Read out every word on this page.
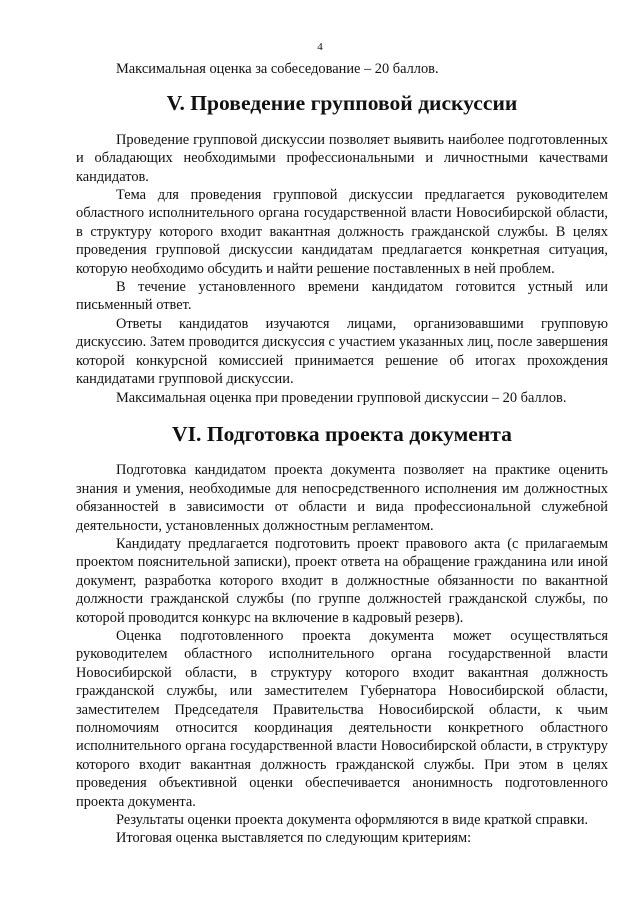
4

Максимальная оценка за собеседование – 20 баллов.

V. Проведение групповой дискуссии

Проведение групповой дискуссии позволяет выявить наиболее подготовленных и обладающих необходимыми профессиональными и личностными качествами кандидатов.

Тема для проведения групповой дискуссии предлагается руководителем областного исполнительного органа государственной власти Новосибирской области, в структуру которого входит вакантная должность гражданской службы. В целях проведения групповой дискуссии кандидатам предлагается конкретная ситуация, которую необходимо обсудить и найти решение поставленных в ней проблем.

В течение установленного времени кандидатом готовится устный или письменный ответ.

Ответы кандидатов изучаются лицами, организовавшими групповую дискуссию. Затем проводится дискуссия с участием указанных лиц, после завершения которой конкурсной комиссией принимается решение об итогах прохождения кандидатами групповой дискуссии.

Максимальная оценка при проведении групповой дискуссии – 20 баллов.

VI. Подготовка проекта документа

Подготовка кандидатом проекта документа позволяет на практике оценить знания и умения, необходимые для непосредственного исполнения им должностных обязанностей в зависимости от области и вида профессиональной служебной деятельности, установленных должностным регламентом.

Кандидату предлагается подготовить проект правового акта (с прилагаемым проектом пояснительной записки), проект ответа на обращение гражданина или иной документ, разработка которого входит в должностные обязанности по вакантной должности гражданской службы (по группе должностей гражданской службы, по которой проводится конкурс на включение в кадровый резерв).

Оценка подготовленного проекта документа может осуществляться руководителем областного исполнительного органа государственной власти Новосибирской области, в структуру которого входит вакантная должность гражданской службы, или заместителем Губернатора Новосибирской области, заместителем Председателя Правительства Новосибирской области, к чьим полномочиям относится координация деятельности конкретного областного исполнительного органа государственной власти Новосибирской области, в структуру которого входит вакантная должность гражданской службы. При этом в целях проведения объективной оценки обеспечивается анонимность подготовленного проекта документа.

Результаты оценки проекта документа оформляются в виде краткой справки.

Итоговая оценка выставляется по следующим критериям:
